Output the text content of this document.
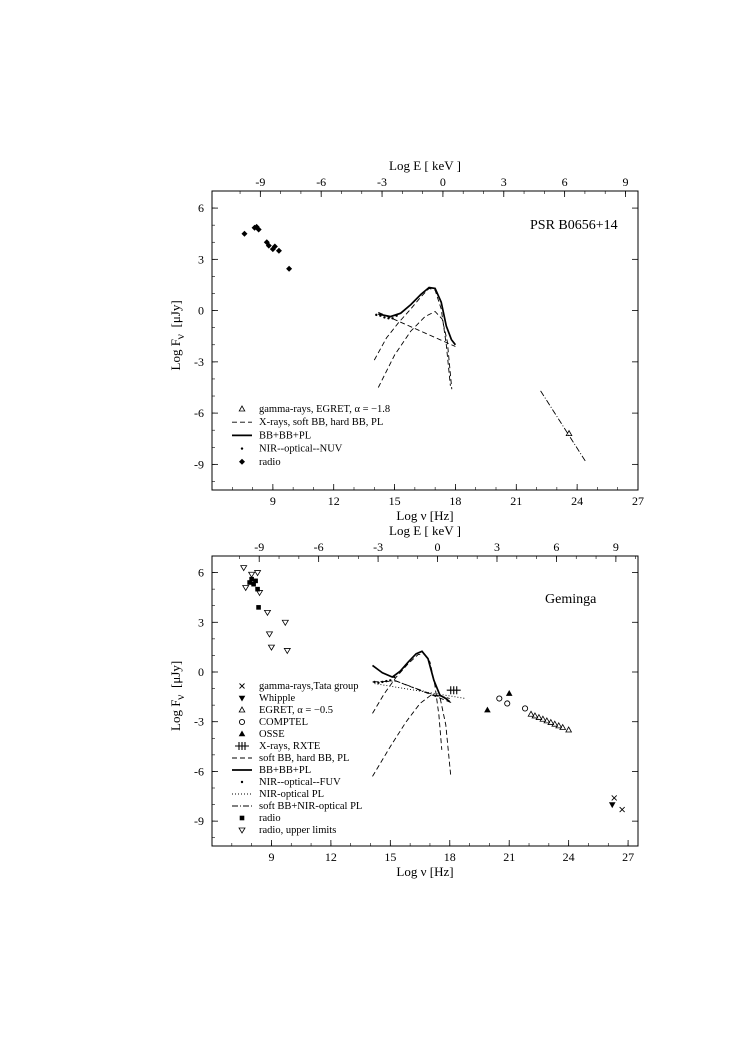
9	12	15	18	21	24	27
-9	-6	-3	0	3	6	9
6
3
0
-3
-6
-9
Log ν [Hz]
Log E [ keV ]
Log F
ν
[μJy]
PSR B0656+14
gamma-rays, EGRET, α = −1.8
X-rays, soft BB, hard BB, PL
BB+BB+PL
NIR--optical--NUV
radio
9	12	15	18	21	24	27
-9	-6	-3	0	3	6	9
6
3
0
-3
-6
-9
Log ν [Hz]
Log E [ keV ]
Log F
ν
[μJy]
Geminga
gamma-rays,Tata group
Whipple
EGRET, α = −0.5
COMPTEL
OSSE
X-rays, RXTE
soft BB, hard BB, PL
BB+BB+PL
NIR--optical--FUV
NIR-optical PL
soft BB+NIR-optical PL
radio
radio, upper limits
